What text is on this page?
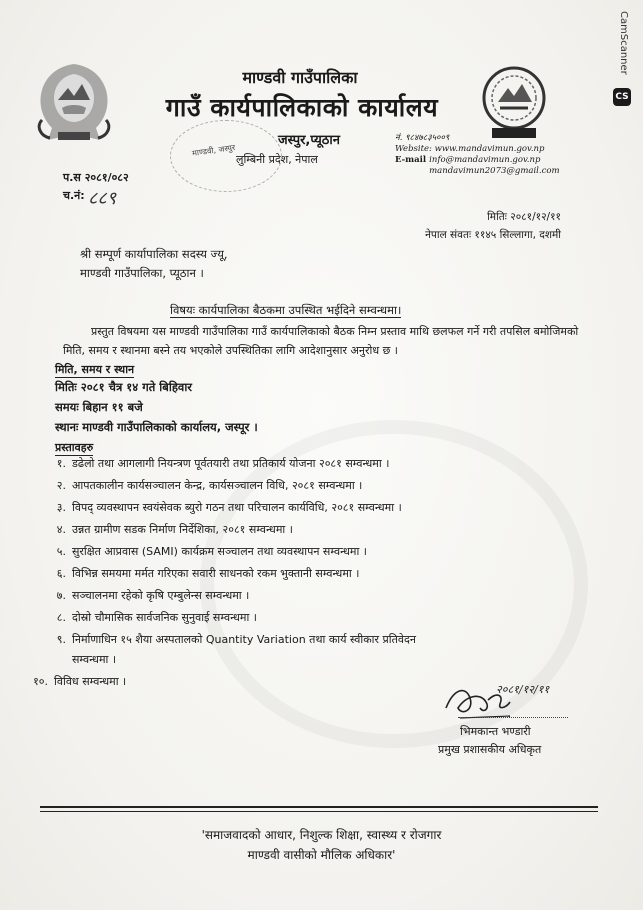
माण्डवी गाउँपालिका
गाउँ कार्यपालिकाको कार्यालय
जस्पुर,प्यूठान
लुम्बिनी प्रदेश, नेपाल
माण्डवी, जस्पुर
नं. ९८४७८३५००९
Website: www.mandavimun.gov.np
E-mail info@mandavimun.gov.np
mandavimun2073@gmail.com
प.स २०८१/०८२
च.नं: ८८९
मितिः २०८१/१२/११
नेपाल संवतः ११४५ सिल्लागा, दशमी
श्री सम्पूर्ण कार्यापालिका सदस्य ज्यू,
माण्डवी गाउँपालिका, प्यूठान ।
विषयः कार्यपालिका बैठकमा उपस्थित भईदिने सम्वन्धमा।
प्रस्तुत विषयमा यस माण्डवी गाउँपालिका गाउँ कार्यपालिकाको बैठक निम्न प्रस्ताव माथि छलफल गर्ने गरी तपसिल बमोजिमको मिति, समय र स्थानमा बस्ने तय भएकोले उपस्थितिका लागि आदेशानुसार अनुरोध छ ।
मिति, समय र स्थान
मितिः २०८१ चैत्र १४ गते बिहिवार
समयः बिहान ११ बजे
स्थानः माण्डवी गाउँपालिकाको कार्यालय, जस्पूर ।
प्रस्तावहरु
१. डढेलो तथा आगलागी नियन्त्रण पूर्वतयारी तथा प्रतिकार्य योजना २०८१ सम्वन्धमा ।
२. आपतकालीन कार्यसञ्चालन केन्द्र, कार्यसञ्चालन विधि, २०८१ सम्वन्धमा ।
३. विपद् व्यवस्थापन स्वयंसेवक ब्युरो गठन तथा परिचालन कार्यविधि, २०८१ सम्वन्धमा ।
४. उन्नत ग्रामीण सडक निर्माण निर्देशिका, २०८१ सम्वन्धमा ।
५. सुरक्षित आप्रवास (SAMI) कार्यक्रम सञ्चालन तथा व्यवस्थापन सम्वन्धमा ।
६. विभिन्न समयमा मर्मत गरिएका सवारी साधनको रकम भुक्तानी सम्वन्धमा ।
७. सञ्चालनमा रहेको कृषि एम्बुलेन्स सम्वन्धमा ।
८. दोस्रो चौमासिक सार्वजनिक सुनुवाई सम्वन्धमा ।
९. निर्माणाधिन १५ शैया अस्पतालको Quantity Variation तथा कार्य स्वीकार प्रतिवेदन
सम्वन्धमा ।
१०. विविध सम्वन्धमा ।
२०८१/१२/११
भिमकान्त भण्डारी
प्रमुख प्रशासकीय अधिकृत
'समाजवादको आधार, निशुल्क शिक्षा, स्वास्थ्य र रोजगार
माण्डवी वासीको मौलिक अधिकार'
CS
CamScanner
